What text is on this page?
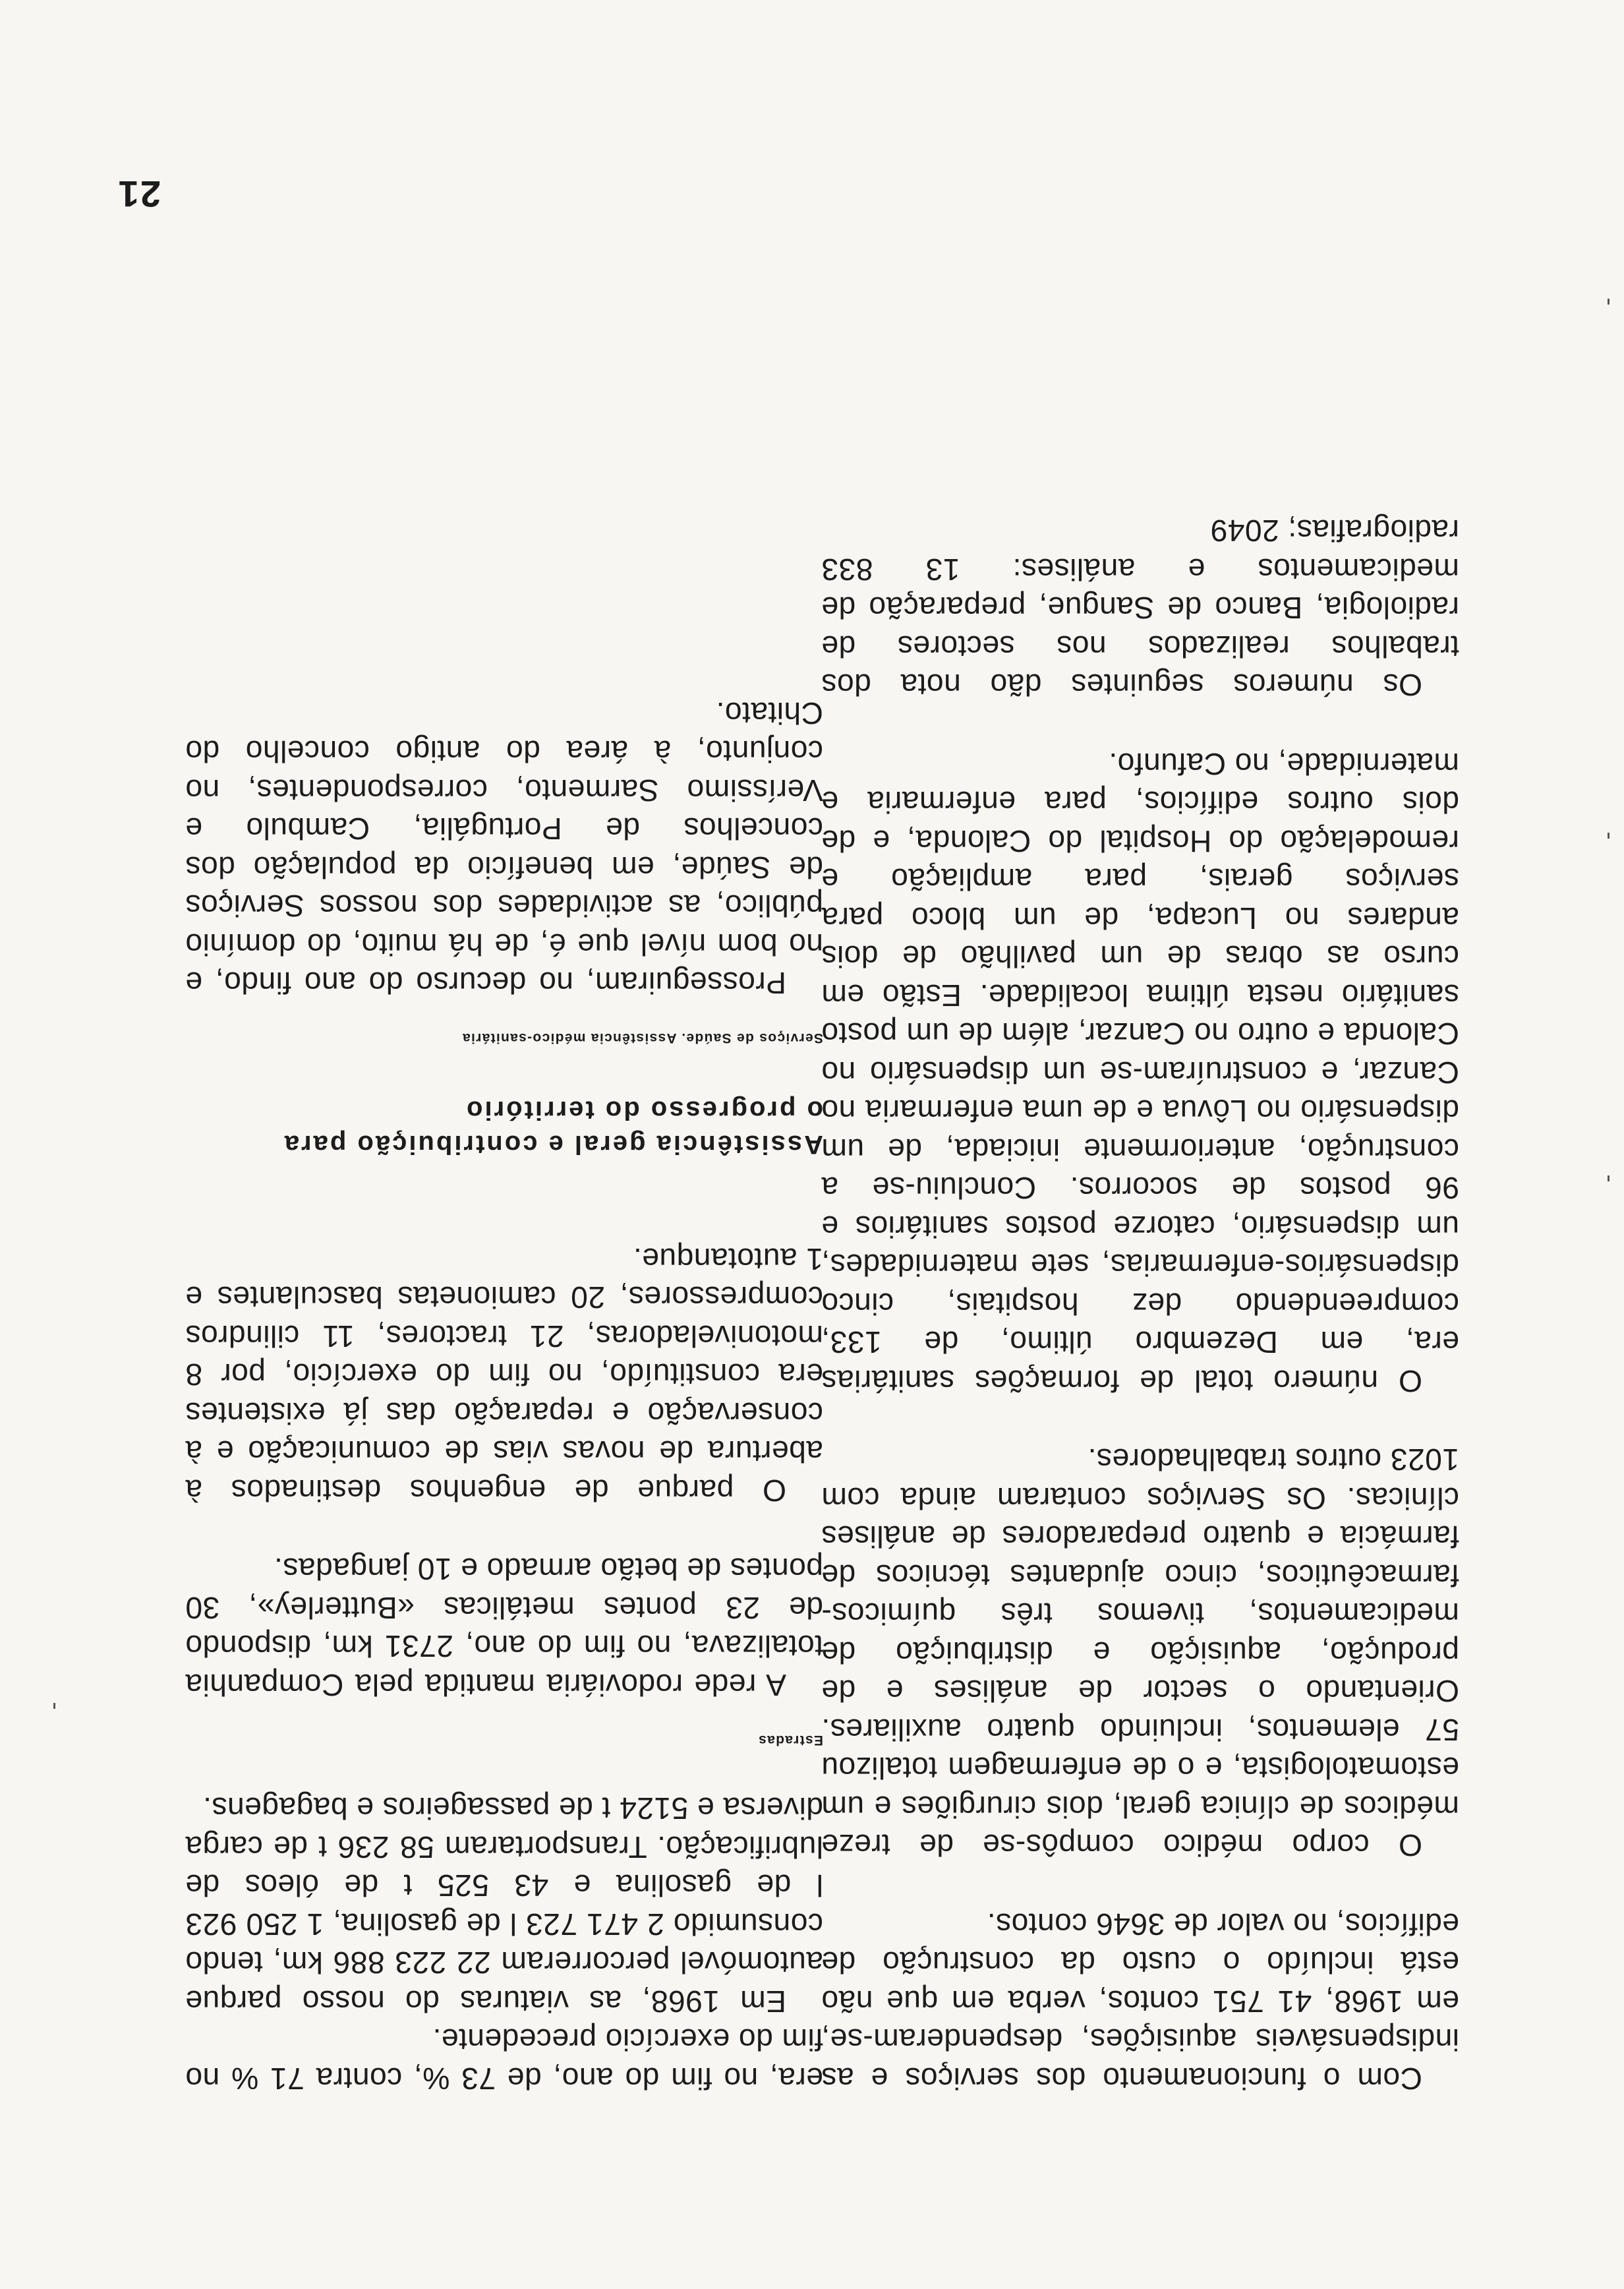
era, no fim do ano, de 73 %, contra 71 % no fim do exercício precedente.

Em 1968, as viaturas do nosso parque automóvel percorreram 22 223 886 km, tendo consumido 2 471 723 l de gasolina, 1 250 923 l de gasolina e 43 525 t de óleos de lubrificação. Transportaram 58 236 t de carga diversa e 5124 t de passageiros e bagagens.

Estradas

A rede rodoviária mantida pela Companhia totalizava, no fim do ano, 2731 km, dispondo de 23 pontes metálicas «Butterley», 30 pontes de betão armado e 10 jangadas.

O parque de engenhos destinados à abertura de novas vias de comunicação e à conservação e reparação das já existentes era constituído, no fim do exercício, por 8 motoniveladoras, 21 tractores, 11 cilindros compressores, 20 camionetas basculantes e 1 autotanque.

Assistência geral e contribuição para
o progresso do território
Serviços de Saúde. Assistência médico-sanitária

Prosseguiram, no decurso do ano findo, e no bom nível que é, de há muito, do domínio público, as actividades dos nossos Serviços de Saúde, em benefício da população dos concelhos de Portugália, Cambulo e Veríssimo Sarmento, correspondentes, no conjunto, à área do antigo concelho do Chitato.

Com o funcionamento dos serviços e as indispensáveis aquisições, despenderam-se, em 1968, 41 751 contos, verba em que não está incluído o custo da construção de edifícios, no valor de 3646 contos.

O corpo médico compôs-se de treze médicos de clínica geral, dois cirurgiões e um estomatologista, e o de enfermagem totalizou 57 elementos, incluindo quatro auxiliares. Orientando o sector de análises e de produção, aquisição e distribuição de medicamentos, tivemos três químicos-farmacêuticos, cinco ajudantes técnicos de farmácia e quatro preparadores de análises clínicas. Os Serviços contaram ainda com 1023 outros trabalhadores.

O número total de formações sanitárias era, em Dezembro último, de 133, compreendendo dez hospitais, cinco dispensários-enfermarias, sete maternidades, um dispensário, catorze postos sanitários e 96 postos de socorros. Concluiu-se a construção, anteriormente iniciada, de um dispensário no Lôvua e de uma enfermaria no Canzar, e construíram-se um dispensário no Calonda e outro no Canzar, além de um posto sanitário nesta última localidade. Estão em curso as obras de um pavilhão de dois andares no Lucapa, de um bloco para serviços gerais, para ampliação e remodelação do Hospital do Calonda, e de dois outros edifícios, para enfermaria e maternidade, no Cafunfo.

Os números seguintes dão nota dos trabalhos realizados nos sectores de radiologia, Banco de Sangue, preparação de medicamentos e análises: 13 833 radiografias; 2049

21
